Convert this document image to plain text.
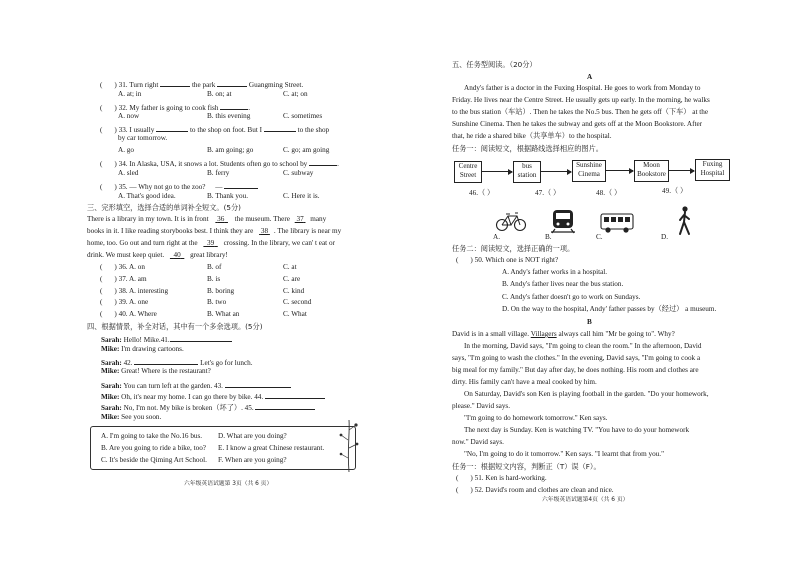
( ) 31. Turn right	the park	Guangming Street.
A. at; in	B. on; at	C. at; on
( ) 32. My father is going to cook fish	.
A. now	B. this evening	C. sometimes
( ) 33. I usually	to the shop on foot. But I	to the shop
by car tomorrow.
A. go	B. am going; go	C. go; am going
( ) 34. In Alaska, USA, it snows a lot. Students often go to school by	.
A. sled	B. ferry	C. subway
( ) 35. — Why not go to the zoo? —
A. That's good idea.	B. Thank you.	C. Here it is.
三、完形填空，选择合适的单词补全短文。(5分)
There is a library in my town. It is in front 36 the museum. There 37 many
books in it. I like reading storybooks best. I think they are 38 . The library is near my
home, too. Go out and turn right at the 39 crossing. In the library, we can' t eat or
drink. We must keep quiet. 40 great library!
( ) 36. A. on	B. of	C. at
( ) 37. A. am	B. is	C. are
( ) 38. A. interesting	B. boring	C. kind
( ) 39. A. one	B. two	C. second
( ) 40. A. Where	B. What an	C. What
四、根据情景，补全对话，其中有一个多余选项。(5分)
Sarah: Hello! Mike.41.
Mike: I'm drawing cartoons.
Sarah: 42.	Let's go for lunch.
Mike: Great! Where is the restaurant?
Sarah: You can turn left at the garden. 43.
Mike: Oh, it's near my home. I can go there by bike. 44.
Sarah: No, I'm not. My bike is broken（坏了）. 45.
Mike: See you soon.
A. I'm going to take the No.16 bus. D. What are you doing?
B. Are you going to ride a bike, too? E. I know a great Chinese restaurant.
C. It's beside the Qiming Art School. F. When are you going?
六年级英语试题第 3页（共 6 页）
五、任务型阅读。（20分）
A
Andy's father is a doctor in the Fuxing Hospital. He goes to work from Monday to
Friday. He lives near the Centre Street. He usually gets up early. In the morning, he walks
to the bus station（车站）. Then he takes the No.5 bus. Then he gets off（下车） at the
Sunshine Cinema. Then he takes the subway and gets off at the Moon Bookstore. After
that, he ride a shared bike（共享单车）to the hospital.
任务一：阅读短文，根据路线选择相应的图片。
Centre
Street
bus
station
Sunshine
Cinema
Moon
Bookstore
Fuxing
Hospital
46.（ ）	47.（ ）	48.（ ）	49.（ ）
A.	B.	C.	D.
任务二：阅读短文，选择正确的一项。
( ) 50. Which one is NOT right?
A. Andy's father works in a hospital.
B. Andy's father lives near the bus station.
C. Andy's father doesn't go to work on Sundays.
D. On the way to the hospital, Andy' father passes by（经过） a museum.
B
David is in a small village. Villagers always call him "Mr be going to". Why?
In the morning, David says, "I'm going to clean the room." In the afternoon, David
says, "I'm going to wash the clothes." In the evening, David says, "I'm going to cook a
big meal for my family." But day after day, he does nothing. His room and clothes are
dirty. His family can't have a meal cooked by him.
On Saturday, David's son Ken is playing football in the garden. "Do your homework,
please." David says.
"I'm going to do homework tomorrow." Ken says.
The next day is Sunday. Ken is watching TV. "You have to do your homework
now." David says.
"No, I'm going to do it tomorrow." Ken says. "I learnt that from you."
任务一：根据短文内容，判断正（T）误（F）。
( ) 51. Ken is hard-working.
( ) 52. David's room and clothes are clean and nice.
六年级英语试题第4页（共 6 页）
